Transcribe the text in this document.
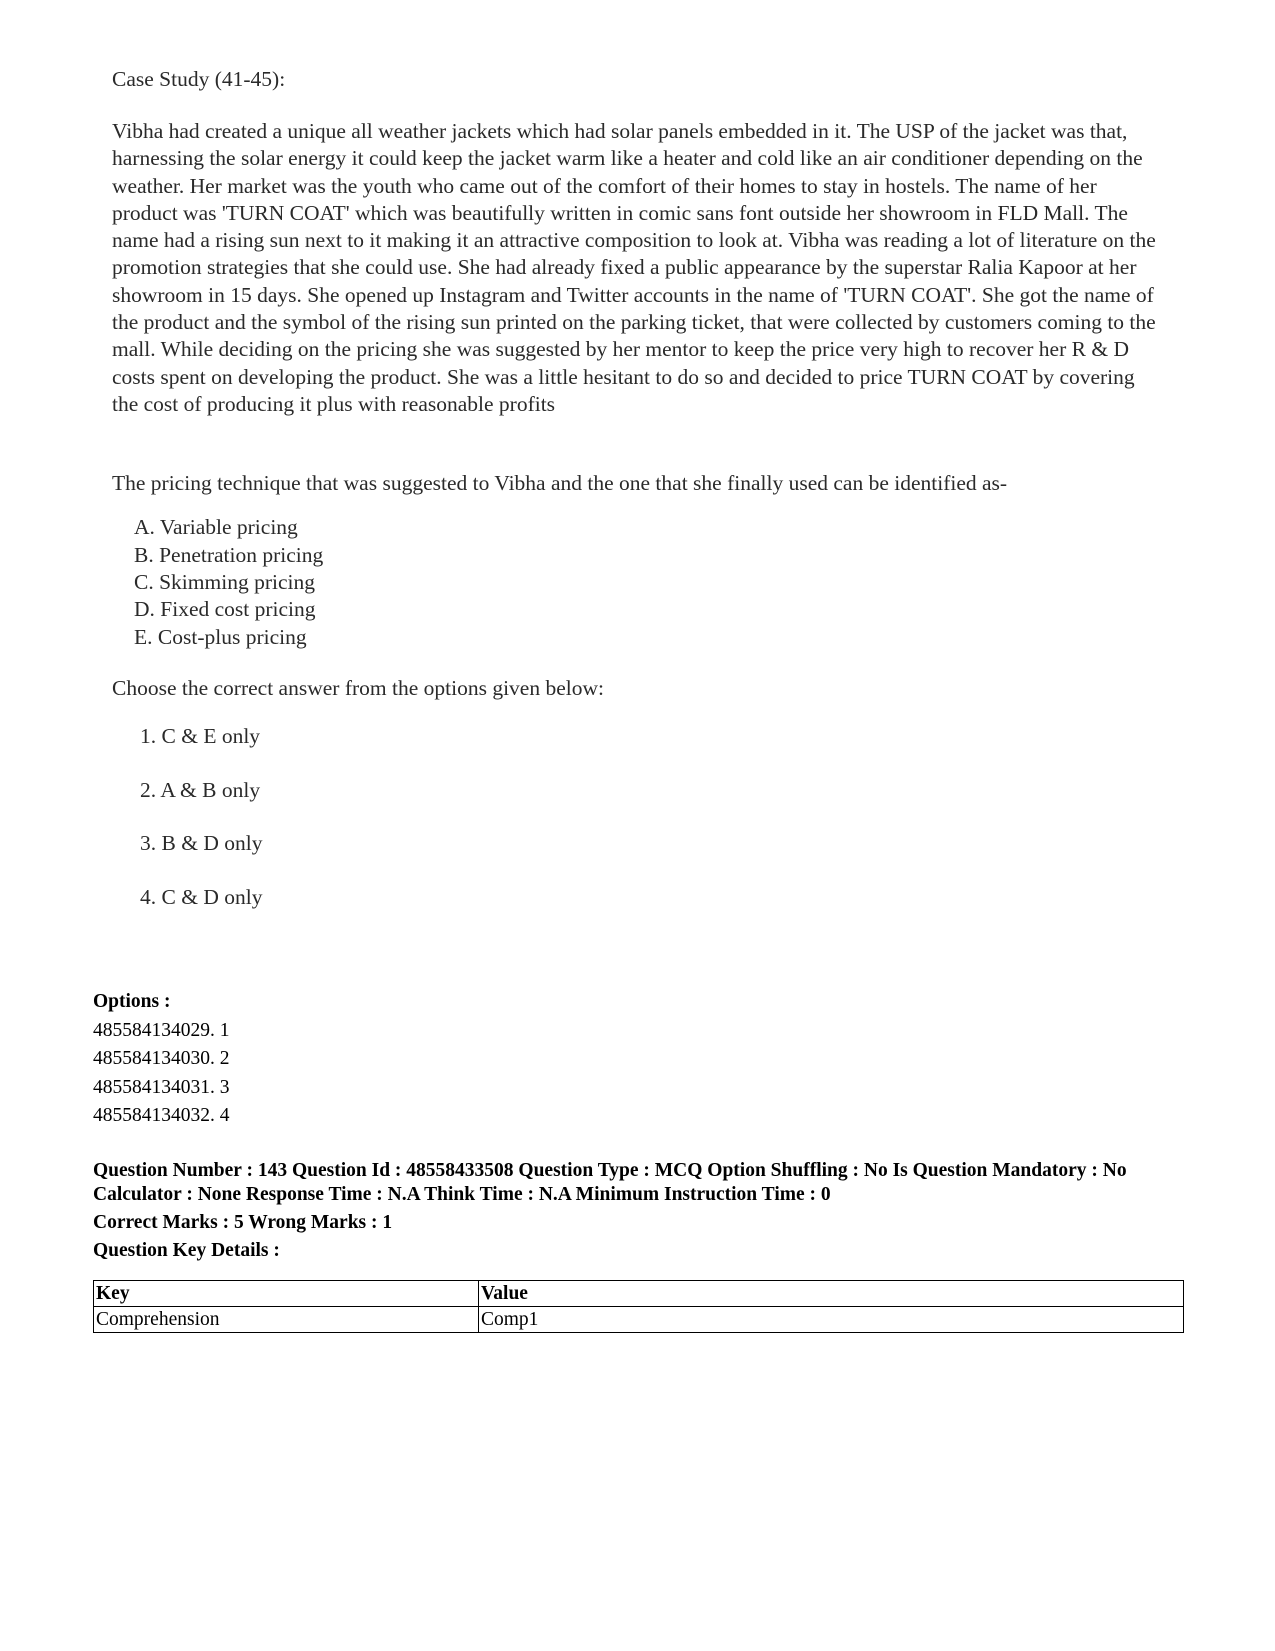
Case Study (41-45):
Vibha had created a unique all weather jackets which had solar panels embedded in it. The USP of the jacket was that, harnessing the solar energy it could keep the jacket warm like a heater and cold like an air conditioner depending on the weather. Her market was the youth who came out of the comfort of their homes to stay in hostels. The name of her product was 'TURN COAT' which was beautifully written in comic sans font outside her showroom in FLD Mall. The name had a rising sun next to it making it an attractive composition to look at. Vibha was reading a lot of literature on the promotion strategies that she could use. She had already fixed a public appearance by the superstar Ralia Kapoor at her showroom in 15 days. She opened up Instagram and Twitter accounts in the name of 'TURN COAT'. She got the name of the product and the symbol of the rising sun printed on the parking ticket, that were collected by customers coming to the mall. While deciding on the pricing she was suggested by her mentor to keep the price very high to recover her R & D costs spent on developing the product. She was a little hesitant to do so and decided to price TURN COAT by covering the cost of producing it plus with reasonable profits
The pricing technique that was suggested to Vibha and the one that she finally used can be identified as-
A. Variable pricing
B. Penetration pricing
C. Skimming pricing
D. Fixed cost pricing
E. Cost-plus pricing
Choose the correct answer from the options given below:
1. C & E only
2. A & B only
3. B & D only
4. C & D only
Options :
485584134029. 1
485584134030. 2
485584134031. 3
485584134032. 4
Question Number : 143 Question Id : 48558433508 Question Type : MCQ Option Shuffling : No Is Question Mandatory : No Calculator : None Response Time : N.A Think Time : N.A Minimum Instruction Time : 0
Correct Marks : 5 Wrong Marks : 1
Question Key Details :
Key	Value
Comprehension	Comp1
